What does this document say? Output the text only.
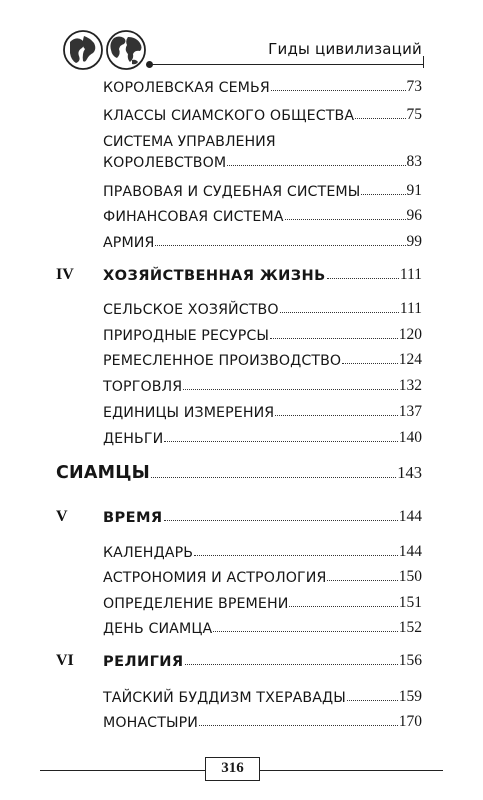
Гиды цивилизаций
КОРОЛЕВСКАЯ СЕМЬЯ	73
КЛАССЫ СИАМСКОГО ОБЩЕСТВА	75
СИСТЕМА УПРАВЛЕНИЯ
КОРОЛЕВСТВОМ	83
ПРАВОВАЯ И СУДЕБНАЯ СИСТЕМЫ	91
ФИНАНСОВАЯ СИСТЕМА	96
АРМИЯ	99
IV ХОЗЯЙСТВЕННАЯ ЖИЗНЬ	111
СЕЛЬСКОЕ ХОЗЯЙСТВО	111
ПРИРОДНЫЕ РЕСУРСЫ	120
РЕМЕСЛЕННОЕ ПРОИЗВОДСТВО	124
ТОРГОВЛЯ	132
ЕДИНИЦЫ ИЗМЕРЕНИЯ	137
ДЕНЬГИ	140
СИАМЦЫ	143
V ВРЕМЯ	144
КАЛЕНДАРЬ	144
АСТРОНОМИЯ И АСТРОЛОГИЯ	150
ОПРЕДЕЛЕНИЕ ВРЕМЕНИ	151
ДЕНЬ СИАМЦА	152
VI РЕЛИГИЯ	156
ТАЙСКИЙ БУДДИЗМ ТХЕРАВАДЫ	159
МОНАСТЫРИ	170
316
